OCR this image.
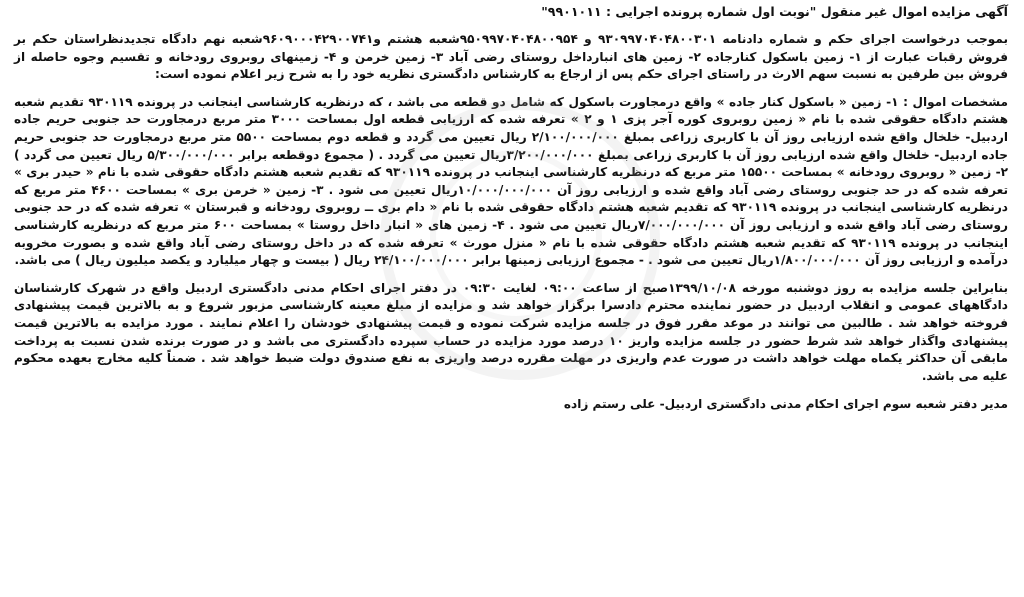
آگهی مزایده اموال غیر منقول "نوبت اول شماره پرونده اجرایی : ۹۹۰۱۰۱۱"
بموجب درخواست اجرای حکم و شماره دادنامه ۹۳۰۹۹۷۰۴۰۴۸۰۰۳۰۱ و ۹۵۰۹۹۷۰۴۰۴۸۰۰۹۵۴شعبه هشتم و۹۶۰۹۰۰۰۴۲۹۰۰۷۴۱شعبه نهم دادگاه تجدیدنظراستان حکم بر فروش رقبات عبارت از ۱- زمین باسکول کنارجاده ۲- زمین های انبارداخل روستای رضی آباد ۳- زمین خرمن و ۴- زمینهای روبروی رودخانه و تقسیم وجوه حاصله از فروش بین طرفین به نسبت سهم الارث در راستای اجرای حکم پس از ارجاع به کارشناس دادگستری نظریه خود را به شرح زیر اعلام نموده است:
مشخصات اموال : ۱- زمین « باسکول کنار جاده » واقع درمجاورت باسکول که شامل دو قطعه می باشد ، که درنظریه کارشناسی اینجانب در پرونده ۹۳۰۱۱۹ تقدیم شعبه هشتم دادگاه حقوقی شده با نام « زمین روبروی کوره آجر پزی ۱ و ۲ » تعرفه شده که ارزیابی قطعه اول بمساحت ۳۰۰۰ متر مربع درمجاورت حد جنوبی حریم جاده اردبیل- خلخال واقع شده ارزیابی روز آن با کاربری زراعی بمبلغ ۲/۱۰۰/۰۰۰/۰۰۰ ریال تعیین می گردد و قطعه دوم بمساحت ۵۵۰۰ متر مربع درمجاورت حد جنوبی حریم جاده اردبیل- خلخال واقع شده ارزیابی روز آن با کاربری زراعی بمبلغ ۳/۲۰۰/۰۰۰/۰۰۰ریال تعیین می گردد . ( مجموع دوقطعه برابر ۵/۳۰۰/۰۰۰/۰۰۰ ریال تعیین می گردد ) ۲- زمین « روبروی رودخانه » بمساحت ۱۵۵۰۰ متر مربع که درنظریه کارشناسی اینجانب در پرونده ۹۳۰۱۱۹ که تقدیم شعبه هشتم دادگاه حقوقی شده با نام « حیدر بری » تعرفه شده که در حد جنوبی روستای رضی آباد واقع شده و ارزیابی روز آن ۱۰/۰۰۰/۰۰۰/۰۰۰ریال تعیین می شود . ۳- زمین « خرمن بری » بمساحت ۴۶۰۰ متر مربع که درنظریه کارشناسی اینجانب در پرونده ۹۳۰۱۱۹ که تقدیم شعبه هشتم دادگاه حقوقی شده با نام « دام بری ــ روبروی رودخانه و قبرستان » تعرفه شده که در حد جنوبی روستای رضی آباد واقع شده و ارزیابی روز آن ۷/۰۰۰/۰۰۰/۰۰۰ریال تعیین می شود . ۴- زمین های « انبار داخل روستا » بمساحت ۶۰۰ متر مربع که درنظریه کارشناسی اینجانب در پرونده ۹۳۰۱۱۹ که تقدیم شعبه هشتم دادگاه حقوقی شده با نام « منزل مورث » تعرفه شده که در داخل روستای رضی آباد واقع شده و بصورت مخروبه درآمده و ارزیابی روز آن ۱/۸۰۰/۰۰۰/۰۰۰ریال تعیین می شود . - مجموع ارزیابی زمینها برابر ۲۴/۱۰۰/۰۰۰/۰۰۰ ریال ( بیست و چهار میلیارد و یکصد میلیون ریال ) می باشد.
بنابراین جلسه مزایده به روز دوشنبه مورخه ۱۳۹۹/۱۰/۰۸صبح از ساعت ۰۹:۰۰ لغایت ۰۹:۳۰ در دفتر اجرای احکام مدنی دادگستری اردبیل واقع در شهرک کارشناسان دادگاههای عمومی و انقلاب اردبیل در حضور نماینده محترم دادسرا برگزار خواهد شد و مزایده از مبلغ معینه کارشناسی مزبور شروع و به بالاترین قیمت پیشنهادی فروخته خواهد شد . طالبین می توانند در موعد مقرر فوق در جلسه مزایده شرکت نموده و قیمت پیشنهادی خودشان را اعلام نمایند . مورد مزایده به بالاترین قیمت پیشنهادی واگذار خواهد شد شرط حضور در جلسه مزایده واریز ۱۰ درصد مورد مزایده در حساب سپرده دادگستری می باشد و در صورت برنده شدن نسبت به پرداخت مابقی آن حداکثر یکماه مهلت خواهد داشت در صورت عدم واریزی در مهلت مقرره درصد واریزی به نفع صندوق دولت ضبط خواهد شد . ضمناً کلیه مخارج بعهده محکوم علیه می باشد.
مدیر دفتر شعبه سوم اجرای احکام مدنی دادگستری اردبیل- علی رستم زاده
